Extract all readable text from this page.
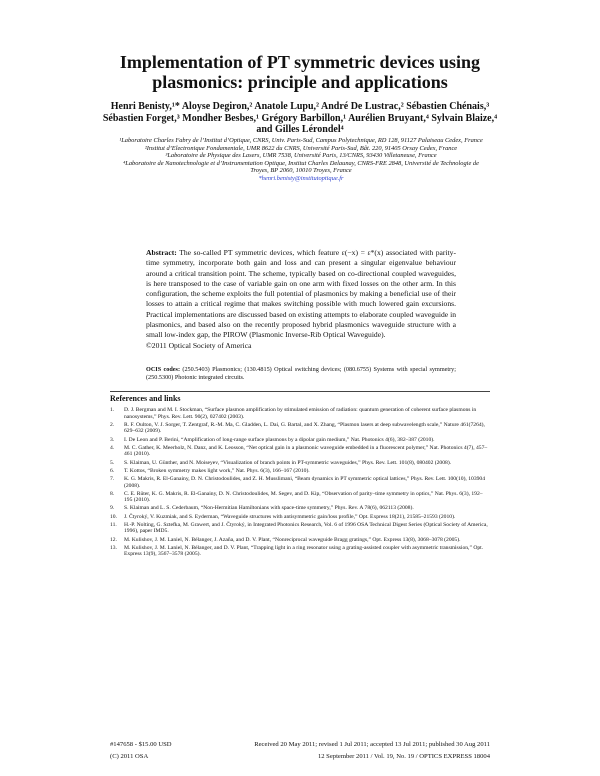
Implementation of PT symmetric devices using plasmonics: principle and applications
Henri Benisty,¹* Aloyse Degiron,² Anatole Lupu,² André De Lustrac,² Sébastien Chénais,³ Sébastien Forget,³ Mondher Besbes,¹ Grégory Barbillon,¹ Aurélien Bruyant,⁴ Sylvain Blaize,⁴ and Gilles Lérondel⁴
¹Laboratoire Charles Fabry de l’Institut d’Optique, CNRS, Univ. Paris-Sud, Campus Polytechnique, RD 128, 91127 Palaiseau Cedex, France
²Institut d’Electronique Fondamentale, UMR 8622 du CNRS, Université Paris-Sud, Bât. 220, 91405 Orsay Cedex, France
³Laboratoire de Physique des Lasers, UMR 7538, Université Paris, 13/CNRS, 93430 Villetaneuse, France
⁴Laboratoire de Nanotechnologie et d’Instrumentation Optique, Institut Charles Delaunay, CNRS-FRE 2848, Université de Technologie de Troyes, BP 2060, 10010 Troyes, France
*henri.benisty@institutoptique.fr
Abstract: The so-called PT symmetric devices, which feature ε(−x) = ε*(x) associated with parity-time symmetry, incorporate both gain and loss and can present a singular eigenvalue behaviour around a critical transition point. The scheme, typically based on co-directional coupled waveguides, is here transposed to the case of variable gain on one arm with fixed losses on the other arm. In this configuration, the scheme exploits the full potential of plasmonics by making a beneficial use of their losses to attain a critical regime that makes switching possible with much lowered gain excursions. Practical implementations are discussed based on existing attempts to elaborate coupled waveguide in plasmonics, and based also on the recently proposed hybrid plasmonics waveguide structure with a small low-index gap, the PIROW (Plasmonic Inverse-Rib Optical Waveguide).
©2011 Optical Society of America
OCIS codes: (250.5403) Plasmonics; (130.4815) Optical switching devices; (080.6755) Systems with special symmetry; (250.5300) Photonic integrated circuits.
References and links
1. D. J. Bergman and M. I. Stockman, “Surface plasmon amplification by stimulated emission of radiation: quantum generation of coherent surface plasmons in nanosystems,” Phys. Rev. Lett. 90(2), 027402 (2003).
2. R. F. Oulton, V. J. Sorger, T. Zentgraf, R.-M. Ma, C. Gladden, L. Dai, G. Bartal, and X. Zhang, “Plasmon lasers at deep subwavelength scale,” Nature 461(7264), 629–632 (2009).
3. I. De Leon and P. Berini, “Amplification of long-range surface plasmons by a dipolar gain medium,” Nat. Photonics 4(6), 382–387 (2010).
4. M. C. Gather, K. Meerholz, N. Danz, and K. Leosson, “Net optical gain in a plasmonic waveguide embedded in a fluorescent polymer,” Nat. Photonics 4(7), 457–461 (2010).
5. S. Klaiman, U. Günther, and N. Moiseyev, “Visualization of branch points in PT-symmetric waveguides,” Phys. Rev. Lett. 101(8), 080402 (2008).
6. T. Kottos, “Broken symmetry makes light work,” Nat. Phys. 6(3), 166–167 (2010).
7. K. G. Makris, R. El-Ganainy, D. N. Christodoulides, and Z. H. Musslimani, “Beam dynamics in PT symmetric optical lattices,” Phys. Rev. Lett. 100(10), 103904 (2008).
8. C. E. Rüter, K. G. Makris, R. El-Ganainy, D. N. Christodoulides, M. Segev, and D. Kip, “Observation of parity–time symmetry in optics,” Nat. Phys. 6(3), 192–195 (2010).
9. S. Klaiman and L. S. Cederbaum, “Non-Hermitian Hamiltonians with space-time symmetry,” Phys. Rev. A 78(6), 062113 (2008).
10. J. Čtyroký, V. Kuzmiak, and S. Eyderman, “Waveguide structures with antisymmetric gain/loss profile,” Opt. Express 18(21), 21585–21593 (2010).
11. H.-P. Nolting, G. Sztefka, M. Grawert, and J. Čtyroký, in Integrated Photonics Research, Vol. 6 of 1996 OSA Technical Digest Series (Optical Society of America, 1996), paper IMD5.
12. M. Kulishov, J. M. Laniel, N. Bélanger, J. Azaña, and D. V. Plant, “Nonreciprocal waveguide Bragg gratings,” Opt. Express 13(8), 3068–3078 (2005).
13. M. Kulishov, J. M. Laniel, N. Bélanger, and D. V. Plant, “Trapping light in a ring resonator using a grating-assisted coupler with asymmetric transmission,” Opt. Express 13(9), 3567–3578 (2005).
#147658 - $15.00 USD	Received 20 May 2011; revised 1 Jul 2011; accepted 13 Jul 2011; published 30 Aug 2011
(C) 2011 OSA	12 September 2011 / Vol. 19, No. 19 / OPTICS EXPRESS 18004
